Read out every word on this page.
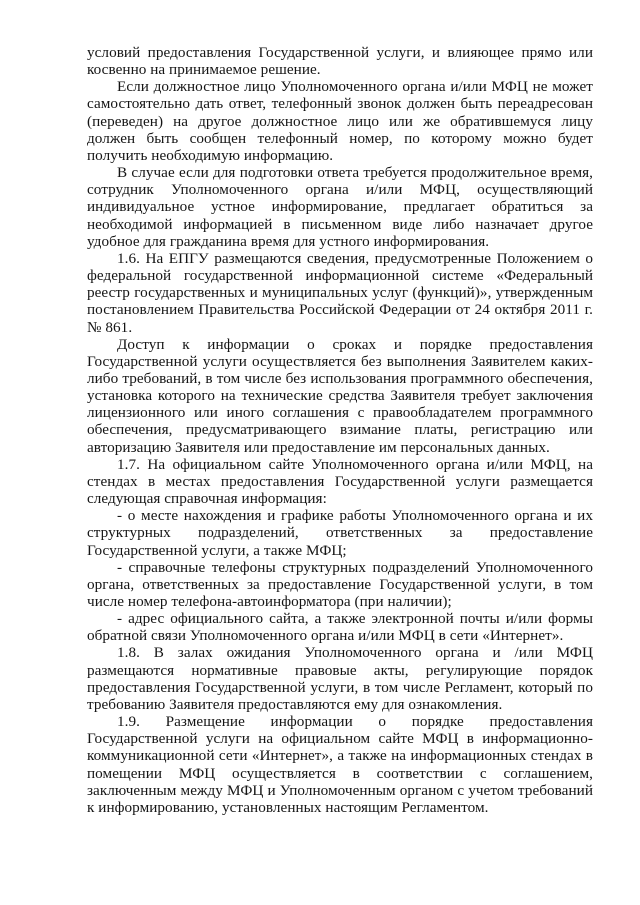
условий предоставления Государственной услуги, и влияющее прямо или косвенно на принимаемое решение.

Если должностное лицо Уполномоченного органа и/или МФЦ не может самостоятельно дать ответ, телефонный звонок должен быть переадресован (переведен) на другое должностное лицо или же обратившемуся лицу должен быть сообщен телефонный номер, по которому можно будет получить необходимую информацию.

В случае если для подготовки ответа требуется продолжительное время, сотрудник Уполномоченного органа и/или МФЦ, осуществляющий индивидуальное устное информирование, предлагает обратиться за необходимой информацией в письменном виде либо назначает другое удобное для гражданина время для устного информирования.

1.6. На ЕПГУ размещаются сведения, предусмотренные Положением о федеральной государственной информационной системе «Федеральный реестр государственных и муниципальных услуг (функций)», утвержденным постановлением Правительства Российской Федерации от 24 октября 2011 г. № 861.

Доступ к информации о сроках и порядке предоставления Государственной услуги осуществляется без выполнения Заявителем каких-либо требований, в том числе без использования программного обеспечения, установка которого на технические средства Заявителя требует заключения лицензионного или иного соглашения с правообладателем программного обеспечения, предусматривающего взимание платы, регистрацию или авторизацию Заявителя или предоставление им персональных данных.

1.7. На официальном сайте Уполномоченного органа и/или МФЦ, на стендах в местах предоставления Государственной услуги размещается следующая справочная информация:

- о месте нахождения и графике работы Уполномоченного органа и их структурных подразделений, ответственных за предоставление Государственной услуги, а также МФЦ;

- справочные телефоны структурных подразделений Уполномоченного органа, ответственных за предоставление Государственной услуги, в том числе номер телефона-автоинформатора (при наличии);

- адрес официального сайта, а также электронной почты и/или формы обратной связи Уполномоченного органа и/или МФЦ в сети «Интернет».

1.8. В залах ожидания Уполномоченного органа и /или МФЦ размещаются нормативные правовые акты, регулирующие порядок предоставления Государственной услуги, в том числе Регламент, который по требованию Заявителя предоставляются ему для ознакомления.

1.9. Размещение информации о порядке предоставления Государственной услуги на официальном сайте МФЦ в информационно-коммуникационной сети «Интернет», а также на информационных стендах в помещении МФЦ осуществляется в соответствии с соглашением, заключенным между МФЦ и Уполномоченным органом с учетом требований к информированию, установленных настоящим Регламентом.
